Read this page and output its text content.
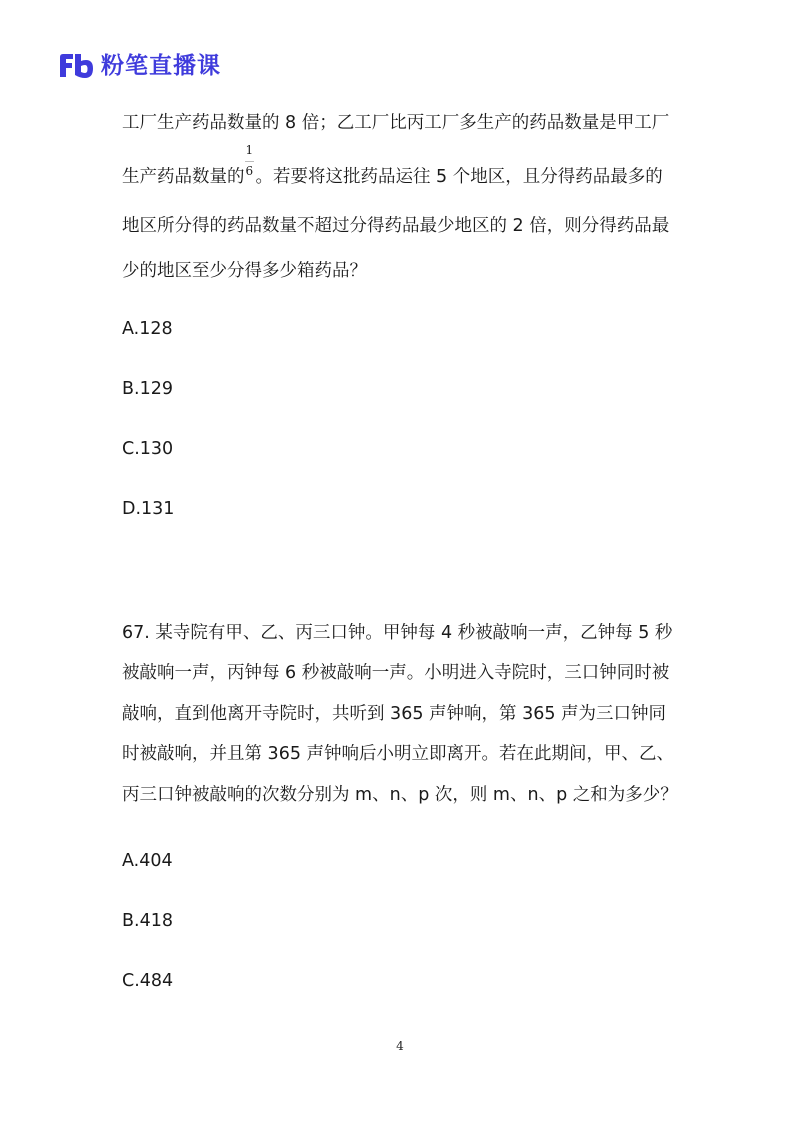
粉笔直播课

工厂生产药品数量的 8 倍；乙工厂比丙工厂多生产的药品数量是甲工厂

生产药品数量的 $\frac{1}{6}$ 。若要将这批药品运往 5 个地区，且分得药品最多的

地区所分得的药品数量不超过分得药品最少地区的 2 倍，则分得药品最

少的地区至少分得多少箱药品？

A.128

B.129

C.130

D.131

67. 某寺院有甲、乙、丙三口钟。甲钟每 4 秒被敲响一声，乙钟每 5 秒

被敲响一声，丙钟每 6 秒被敲响一声。小明进入寺院时，三口钟同时被

敲响，直到他离开寺院时，共听到 365 声钟响，第 365 声为三口钟同

时被敲响，并且第 365 声钟响后小明立即离开。若在此期间，甲、乙、

丙三口钟被敲响的次数分别为 m、n、p 次，则 m、n、p 之和为多少？

A.404

B.418

C.484

4
